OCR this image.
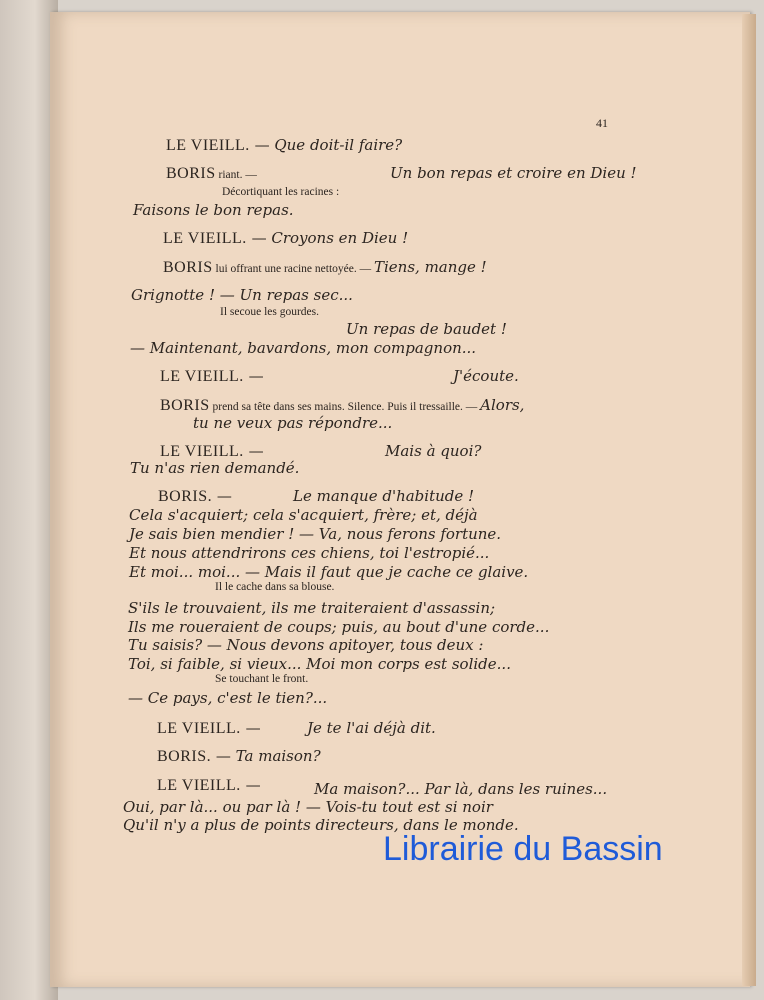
41
LE VIEILL. — Que doit-il faire?
BORIS riant. —	Un bon repas et croire en Dieu !
Décortiquant les racines :
Faisons le bon repas.
LE VIEILL. — Croyons en Dieu !
BORIS lui offrant une racine nettoyée. — Tiens, mange !
Grignotte ! — Un repas sec...
Il secoue les gourdes.
Un repas de baudet !
— Maintenant, bavardons, mon compagnon...
LE VIEILL. —	J'écoute.
BORIS prend sa tête dans ses mains. Silence. Puis il tressaille. — Alors,
tu ne veux pas répondre...
LE VIEILL. —	Mais à quoi?
Tu n'as rien demandé.
BORIS. —	Le manque d'habitude !
Cela s'acquiert; cela s'acquiert, frère; et, déjà
Je sais bien mendier ! — Va, nous ferons fortune.
Et nous attendrirons ces chiens, toi l'estropié...
Et moi... moi... — Mais il faut que je cache ce glaive.
Il le cache dans sa blouse.
S'ils le trouvaient, ils me traiteraient d'assassin;
Ils me roueraient de coups; puis, au bout d'une corde...
Tu saisis? — Nous devons apitoyer, tous deux :
Toi, si faible, si vieux... Moi mon corps est solide...
Se touchant le front.
— Ce pays, c'est le tien?...
LE VIEILL. —	Je te l'ai déjà dit.
BORIS. — Ta maison?
LE VIEILL. —	Ma maison?... Par là, dans les ruines...
Oui, par là... ou par là ! — Vois-tu tout est si noir
Qu'il n'y a plus de points directeurs, dans le monde.
Librairie du Bassin
